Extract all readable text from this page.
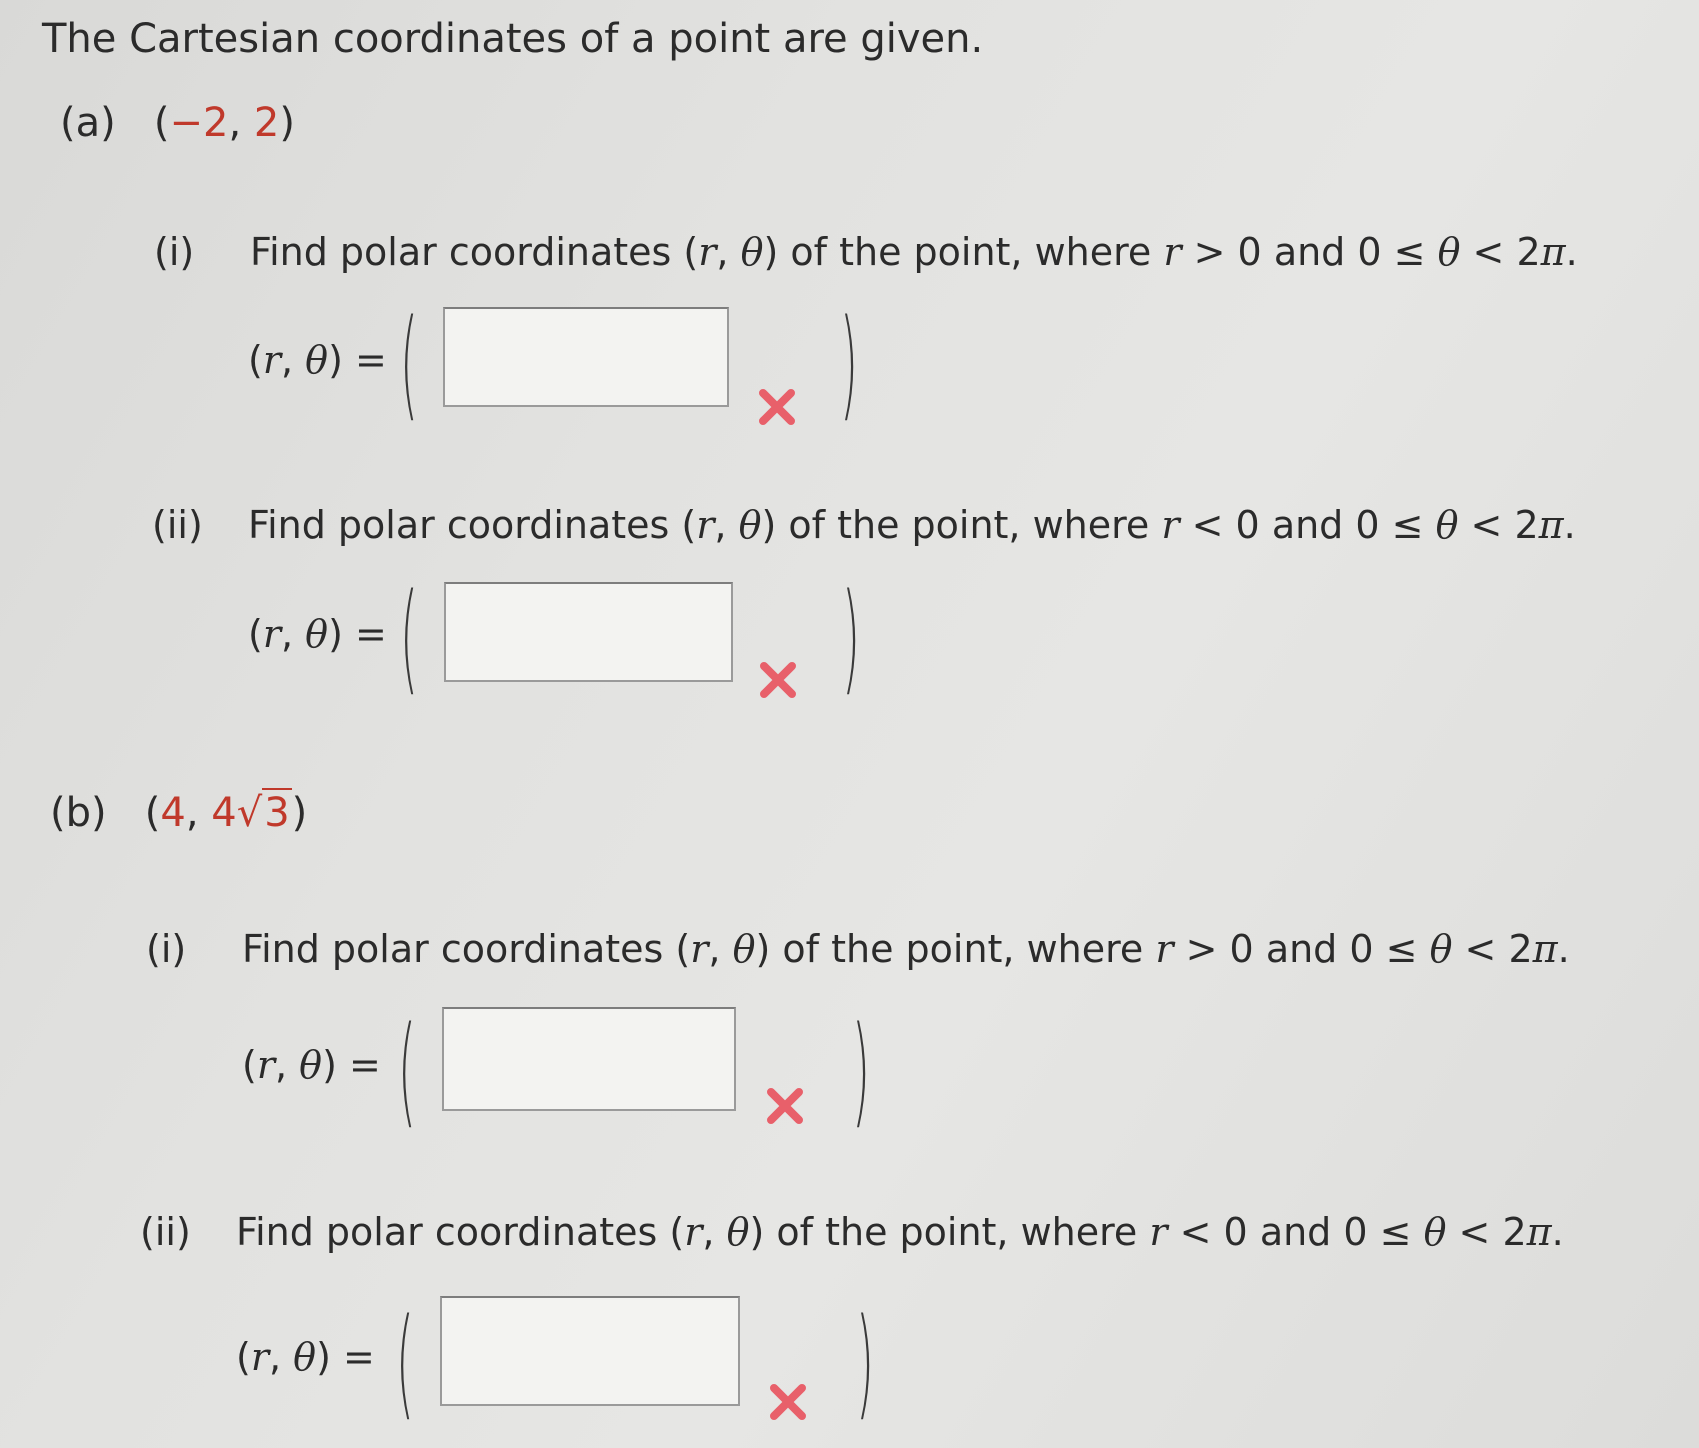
The Cartesian coordinates of a point are given.
(a) (−2, 2)
(i) Find polar coordinates (r, θ) of the point, where r > 0 and 0 ≤ θ < 2π.
(r, θ) = (	)
(ii) Find polar coordinates (r, θ) of the point, where r < 0 and 0 ≤ θ < 2π.
(r, θ) = (	)
(b) (4, 4√3)
(i) Find polar coordinates (r, θ) of the point, where r > 0 and 0 ≤ θ < 2π.
(r, θ) = (	)
(ii) Find polar coordinates (r, θ) of the point, where r < 0 and 0 ≤ θ < 2π.
(r, θ) = (	)
